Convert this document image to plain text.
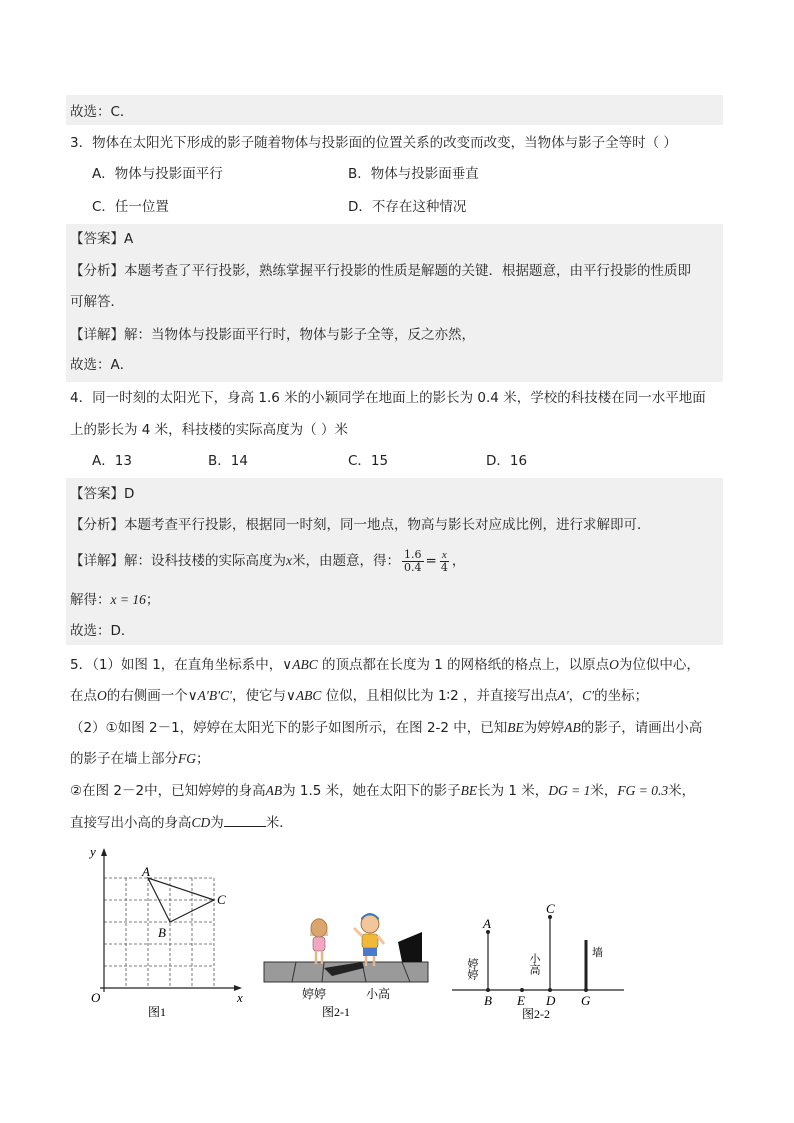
故选：C．
3．物体在太阳光下形成的影子随着物体与投影面的位置关系的改变而改变，当物体与影子全等时（ ）
A．物体与投影面平行	B．物体与投影面垂直
C．任一位置	D．不存在这种情况
【答案】A
【分析】本题考查了平行投影，熟练掌握平行投影的性质是解题的关键．根据题意，由平行投影的性质即
可解答．
【详解】解：当物体与投影面平行时，物体与影子全等，反之亦然，
故选：A．
4．同一时刻的太阳光下，身高 1.6 米的小颖同学在地面上的影长为 0.4 米，学校的科技楼在同一水平地面
上的影长为 4 米，科技楼的实际高度为（ ）米
A．13	B．14	C．15	D．16
【答案】D
【分析】本题考查平行投影，根据同一时刻，同一地点，物高与影长对应成比例，进行求解即可．
【详解】解：设科技楼的实际高度为x米，由题意，得： $\frac{1.6}{0.4} = \frac{x}{4}$ ，
解得：x = 16；
故选：D．
5．（1）如图 1，在直角坐标系中，∨ABC 的顶点都在长度为 1 的网格纸的格点上，以原点O为位似中心，
在点O的右侧画一个∨A′B′C′，使它与∨ABC 位似，且相似比为 1∶2 ，并直接写出点A′，C′的坐标；
（2）①如图 2－1，婷婷在太阳光下的影子如图所示，在图 2-2 中，已知BE为婷婷AB的影子，请画出小高
的影子在墙上部分FG；
②在图 2－2中，已知婷婷的身高AB为 1.5 米，她在太阳下的影子BE长为 1 米，DG = 1米，FG = 0.3米，
直接写出小高的身高CD为	米．
y
x
O
A
B
C
图1
婷婷	小高
图2-1
A
B
C
D
E	G
婷婷	小高	墙
图2-2
